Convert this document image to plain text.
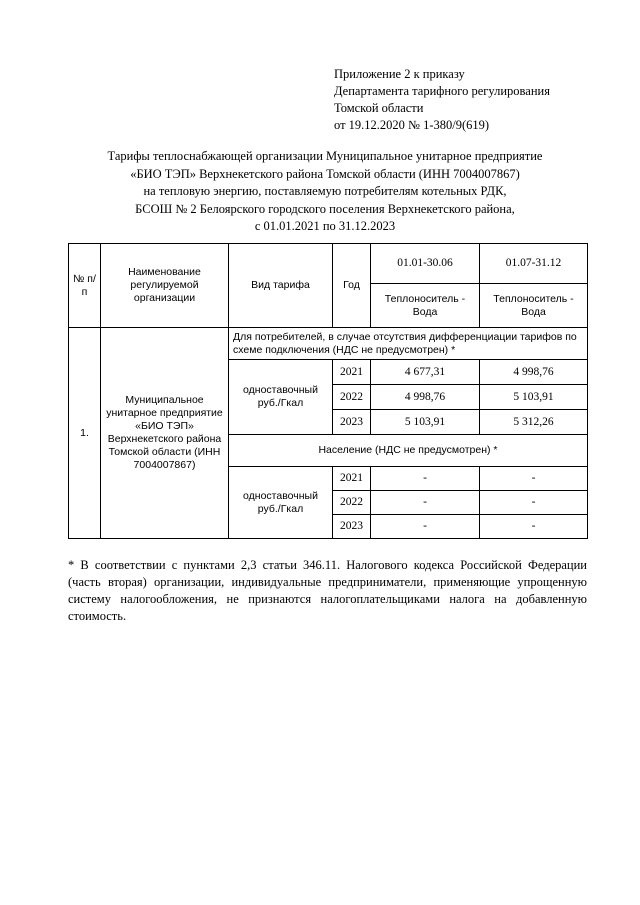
Приложение 2 к приказу
Департамента тарифного регулирования
Томской области
от 19.12.2020 № 1-380/9(619)
Тарифы теплоснабжающей организации Муниципальное унитарное предприятие
«БИО ТЭП» Верхнекетского района Томской области (ИНН 7004007867)
на тепловую энергию, поставляемую потребителям котельных РДК,
БСОШ № 2 Белоярского городского поселения Верхнекетского района,
с 01.01.2021 по 31.12.2023
№ п/п	Наименование регулируемой организации	Вид тарифа	Год	01.01-30.06	01.07-31.12
				Теплоноситель - Вода	Теплоноситель - Вода
1.	Муниципальное унитарное предприятие «БИО ТЭП» Верхнекетского района Томской области (ИНН 7004007867)	Для потребителей, в случае отсутствия дифференциации тарифов по схеме подключения (НДС не предусмотрен) *			
		одноставочный руб./Гкал	2021	4 677,31	4 998,76
			2022	4 998,76	5 103,91
			2023	5 103,91	5 312,26
		Население (НДС не предусмотрен) *			
		одноставочный руб./Гкал	2021	-	-
			2022	-	-
			2023	-	-

* В соответствии с пунктами 2,3 статьи 346.11. Налогового кодекса Российской Федерации (часть вторая) организации, индивидуальные предприниматели, применяющие упрощенную систему налогообложения, не признаются налогоплательщиками налога на добавленную стоимость.
